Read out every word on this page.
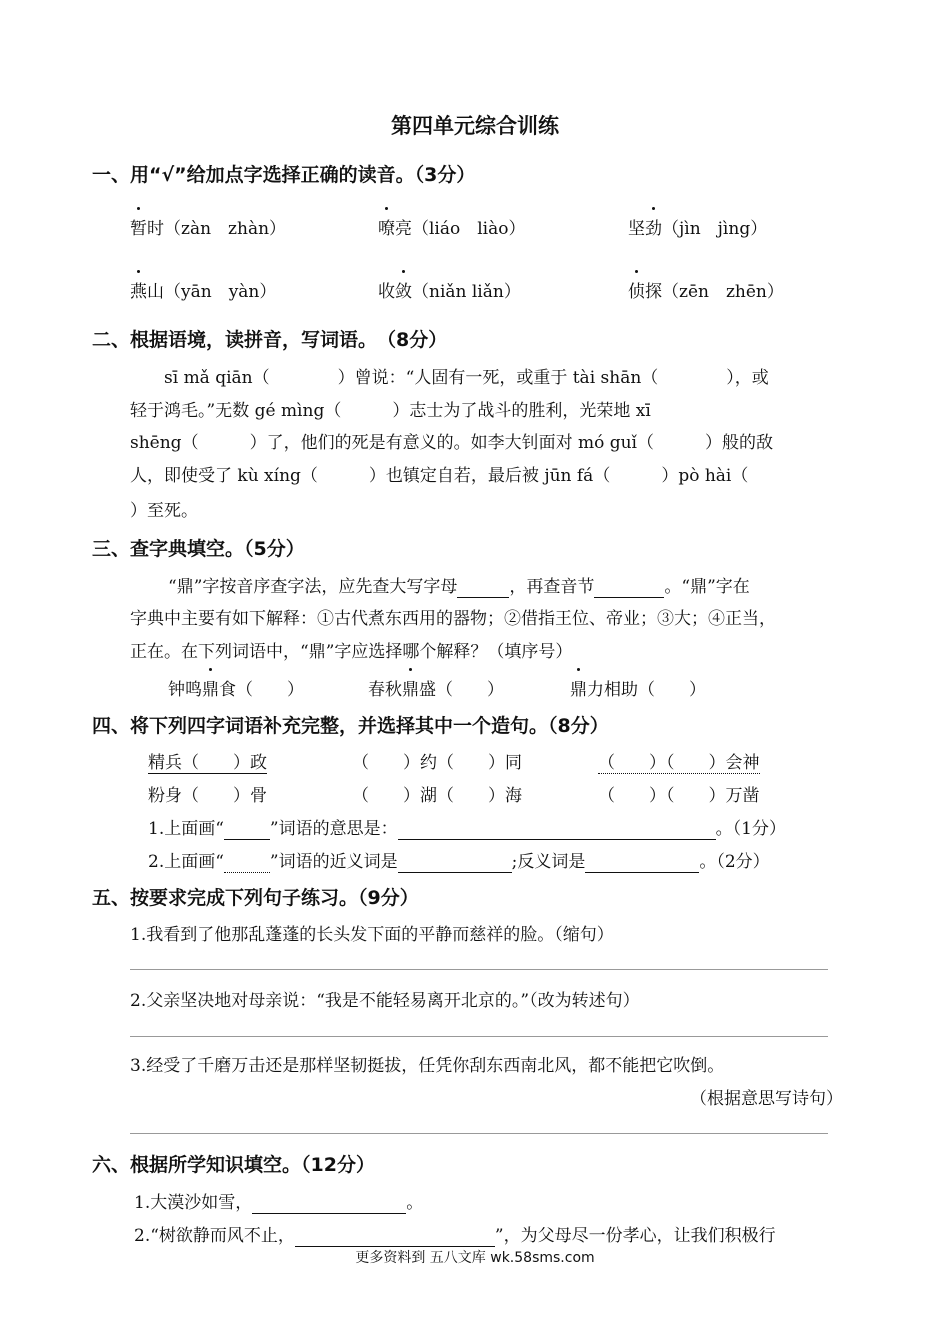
第四单元综合训练
一、用“√”给加点字选择正确的读音。（3分）
暂时（zàn　zhàn）	嘹亮（liáo　liào）	坚劲（jìn　jìng）
燕山（yān　yàn）	收敛（niǎn liǎn）	侦探（zēn　zhēn）
二、根据语境，读拼音，写词语。　（8分）
sī mǎ qiān（　　　　）曾说：“人固有一死，或重于 tài shān（　　　　），或
轻于鸿毛。”无数 gé mìng（　　　）志士为了战斗的胜利，光荣地 xī
shēng（　　　）了，他们的死是有意义的。如李大钊面对 mó guǐ（　　　）般的敌
人，即使受了 kù xíng（　　　）也镇定自若，最后被 jūn fá（　　　）pò hài（
）至死。
三、查字典填空。（5分）
“鼎”字按音序查字法，应先查大写字母	，再查音节	。“鼎”字在
字典中主要有如下解释：①古代煮东西用的器物；②借指王位、帝业；③大；④正当，
正在。在下列词语中，“鼎”字应选择哪个解释？（填序号）
钟鸣鼎食（　　）	春秋鼎盛（　　）	鼎力相助（　　）
四、将下列四字词语补充完整，并选择其中一个造句。（8分）
精兵（　　）政	（　　）约（　　）同	（　　）（　　）会神
粉身（　　）骨	（　　）湖（　　）海	（　　）（　　）万凿
1.上面画“	”词语的意思是：	。（1分）
2.上面画“	”词语的近义词是	;反义词是	。（2分）
五、按要求完成下列句子练习。（9分）
1.我看到了他那乱蓬蓬的长头发下面的平静而慈祥的脸。（缩句）
2.父亲坚决地对母亲说：“我是不能轻易离开北京的。”（改为转述句）
3.经受了千磨万击还是那样坚韧挺拔，任凭你刮东西南北风，都不能把它吹倒。
（根据意思写诗句）
六、根据所学知识填空。（12分）
1.大漠沙如雪，	。
2.“树欲静而风不止，	”，为父母尽一份孝心，让我们积极行
更多资料到 五八文库 wk.58sms.com
